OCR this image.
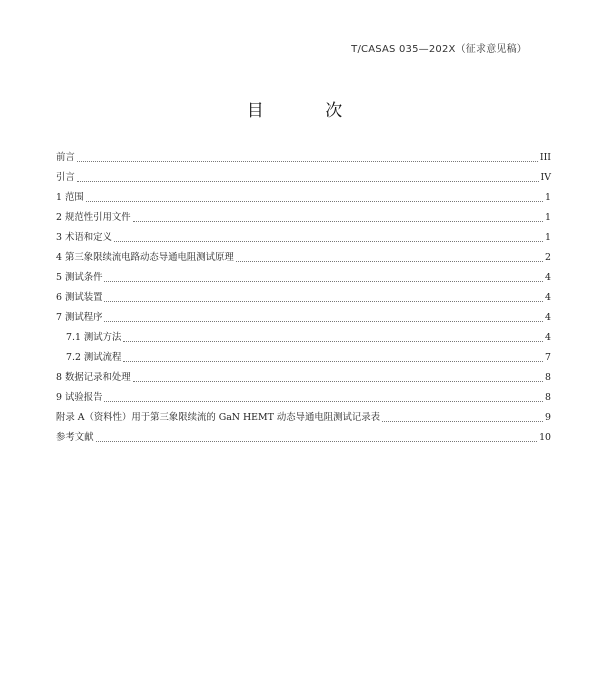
T/CASAS 035—202X（征求意见稿）
目 次
前言	III
引言	IV
1 范围	1
2 规范性引用文件	1
3 术语和定义	1
4 第三象限续流电路动态导通电阻测试原理	2
5 测试条件	4
6 测试装置	4
7 测试程序	4
7.1 测试方法	4
7.2 测试流程	7
8 数据记录和处理	8
9 试验报告	8
附录 A（资料性）用于第三象限续流的 GaN HEMT 动态导通电阻测试记录表	9
参考文献	10
